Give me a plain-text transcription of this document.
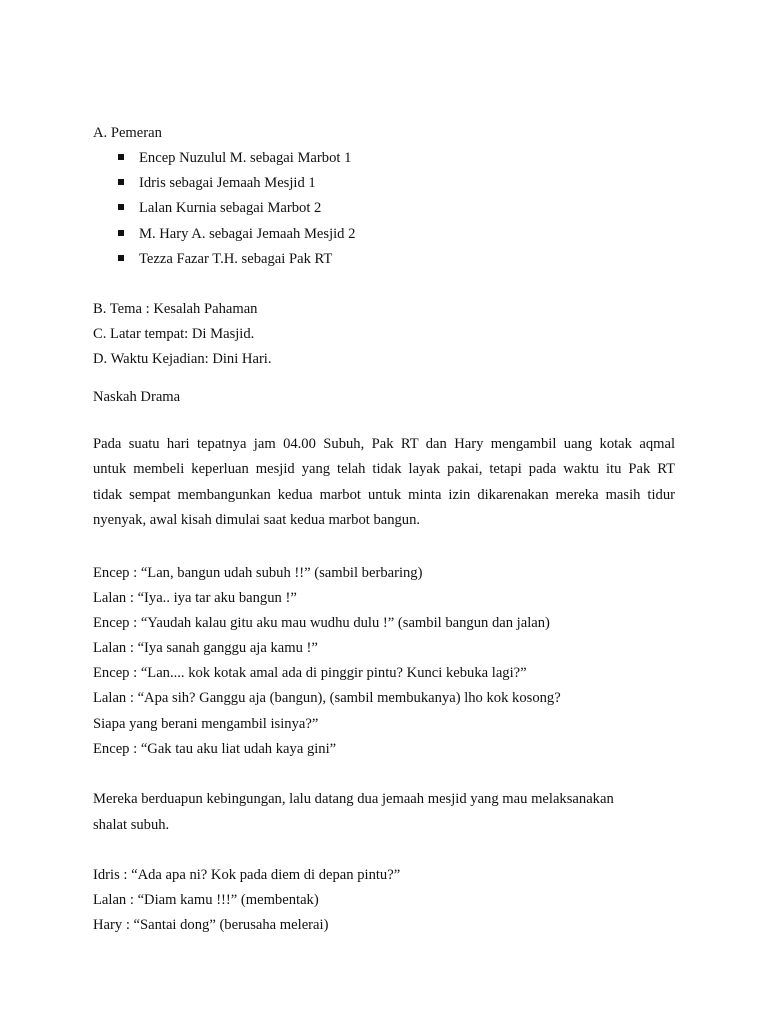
A. Pemeran
Encep Nuzulul M. sebagai Marbot 1
Idris sebagai Jemaah Mesjid 1
Lalan Kurnia sebagai Marbot 2
M. Hary A. sebagai Jemaah Mesjid 2
Tezza Fazar T.H. sebagai Pak RT
B. Tema : Kesalah Pahaman
C. Latar tempat: Di Masjid.
D. Waktu Kejadian: Dini Hari.
Naskah Drama
Pada suatu hari tepatnya jam 04.00 Subuh, Pak RT dan Hary mengambil uang kotak aqmal
untuk membeli keperluan mesjid yang telah tidak layak pakai, tetapi pada waktu itu Pak RT
tidak sempat membangunkan kedua marbot untuk minta izin dikarenakan mereka masih tidur
nyenyak, awal kisah dimulai saat kedua marbot bangun.
Encep : “Lan, bangun udah subuh !!” (sambil berbaring)
Lalan : “Iya.. iya tar aku bangun !”
Encep : “Yaudah kalau gitu aku mau wudhu dulu !” (sambil bangun dan jalan)
Lalan : “Iya sanah ganggu aja kamu !”
Encep : “Lan.... kok kotak amal ada di pinggir pintu? Kunci kebuka lagi?”
Lalan : “Apa sih? Ganggu aja (bangun), (sambil membukanya) lho kok kosong?
Siapa yang berani mengambil isinya?”
Encep : “Gak tau aku liat udah kaya gini”
Mereka berduapun kebingungan, lalu datang dua jemaah mesjid yang mau melaksanakan
shalat subuh.
Idris : “Ada apa ni? Kok pada diem di depan pintu?”
Lalan : “Diam kamu !!!” (membentak)
Hary : “Santai dong” (berusaha melerai)
